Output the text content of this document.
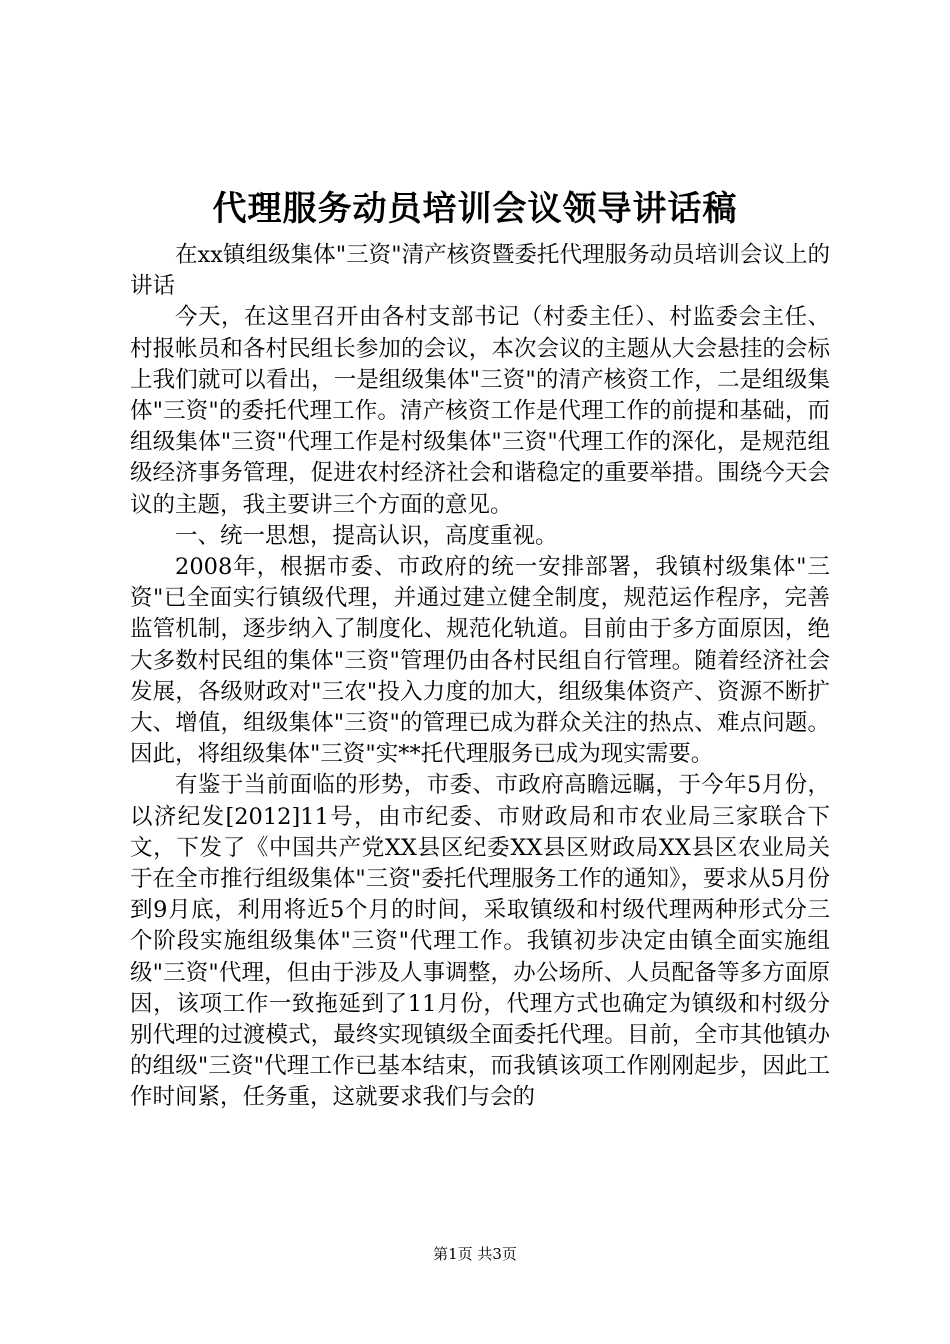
代理服务动员培训会议领导讲话稿

在xx镇组级集体"三资"清产核资暨委托代理服务动员培训会议上的讲话

今天，在这里召开由各村支部书记（村委主任）、村监委会主任、村报帐员和各村民组长参加的会议，本次会议的主题从大会悬挂的会标上我们就可以看出，一是组级集体"三资"的清产核资工作，二是组级集体"三资"的委托代理工作。清产核资工作是代理工作的前提和基础，而组级集体"三资"代理工作是村级集体"三资"代理工作的深化，是规范组级经济事务管理，促进农村经济社会和谐稳定的重要举措。围绕今天会议的主题，我主要讲三个方面的意见。

一、统一思想，提高认识，高度重视。

2008年，根据市委、市政府的统一安排部署，我镇村级集体"三资"已全面实行镇级代理，并通过建立健全制度，规范运作程序，完善监管机制，逐步纳入了制度化、规范化轨道。目前由于多方面原因，绝大多数村民组的集体"三资"管理仍由各村民组自行管理。随着经济社会发展，各级财政对"三农"投入力度的加大，组级集体资产、资源不断扩大、增值，组级集体"三资"的管理已成为群众关注的热点、难点问题。因此，将组级集体"三资"实**托代理服务已成为现实需要。

有鉴于当前面临的形势，市委、市政府高瞻远瞩，于今年5月份，以济纪发[2012]11号，由市纪委、市财政局和市农业局三家联合下文，下发了《中国共产党XX县区纪委XX县区财政局XX县区农业局关于在全市推行组级集体"三资"委托代理服务工作的通知》，要求从5月份到9月底，利用将近5个月的时间，采取镇级和村级代理两种形式分三个阶段实施组级集体"三资"代理工作。我镇初步决定由镇全面实施组级"三资"代理，但由于涉及人事调整，办公场所、人员配备等多方面原因，该项工作一致拖延到了11月份，代理方式也确定为镇级和村级分别代理的过渡模式，最终实现镇级全面委托代理。目前，全市其他镇办的组级"三资"代理工作已基本结束，而我镇该项工作刚刚起步，因此工作时间紧，任务重，这就要求我们与会的

第1页 共3页
